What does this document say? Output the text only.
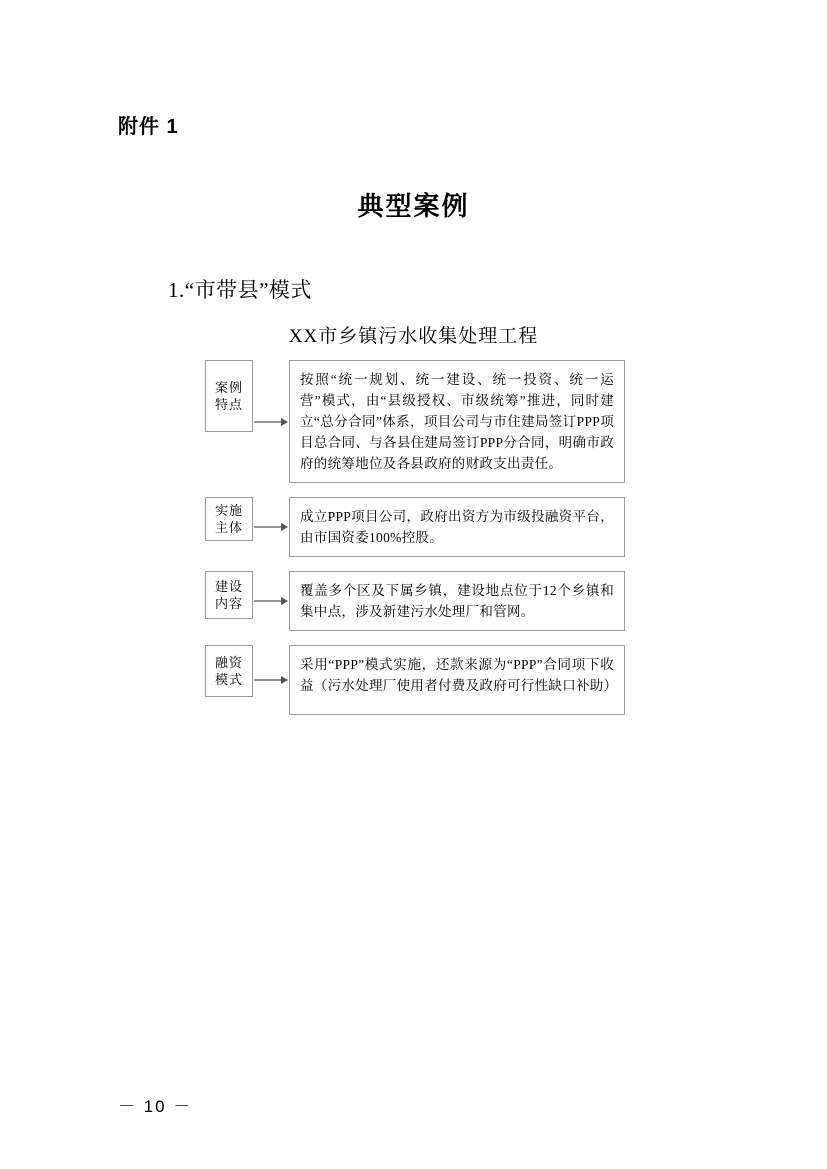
附件 1
典型案例
1.“市带县”模式
XX市乡镇污水收集处理工程
案例
特点
按照“统一规划、统一建设、统一投资、统一运营”模式，由“县级授权、市级统筹”推进，同时建立“总分合同”体系，项目公司与市住建局签订PPP项目总合同、与各县住建局签订PPP分合同，明确市政府的统筹地位及各县政府的财政支出责任。
实施
主体
成立PPP项目公司，政府出资方为市级投融资平台，由市国资委100%控股。
建设
内容
覆盖多个区及下属乡镇，建设地点位于12个乡镇和集中点，涉及新建污水处理厂和管网。
融资
模式
采用“PPP”模式实施，还款来源为“PPP”合同项下收益（污水处理厂使用者付费及政府可行性缺口补助）
－ 10 －
